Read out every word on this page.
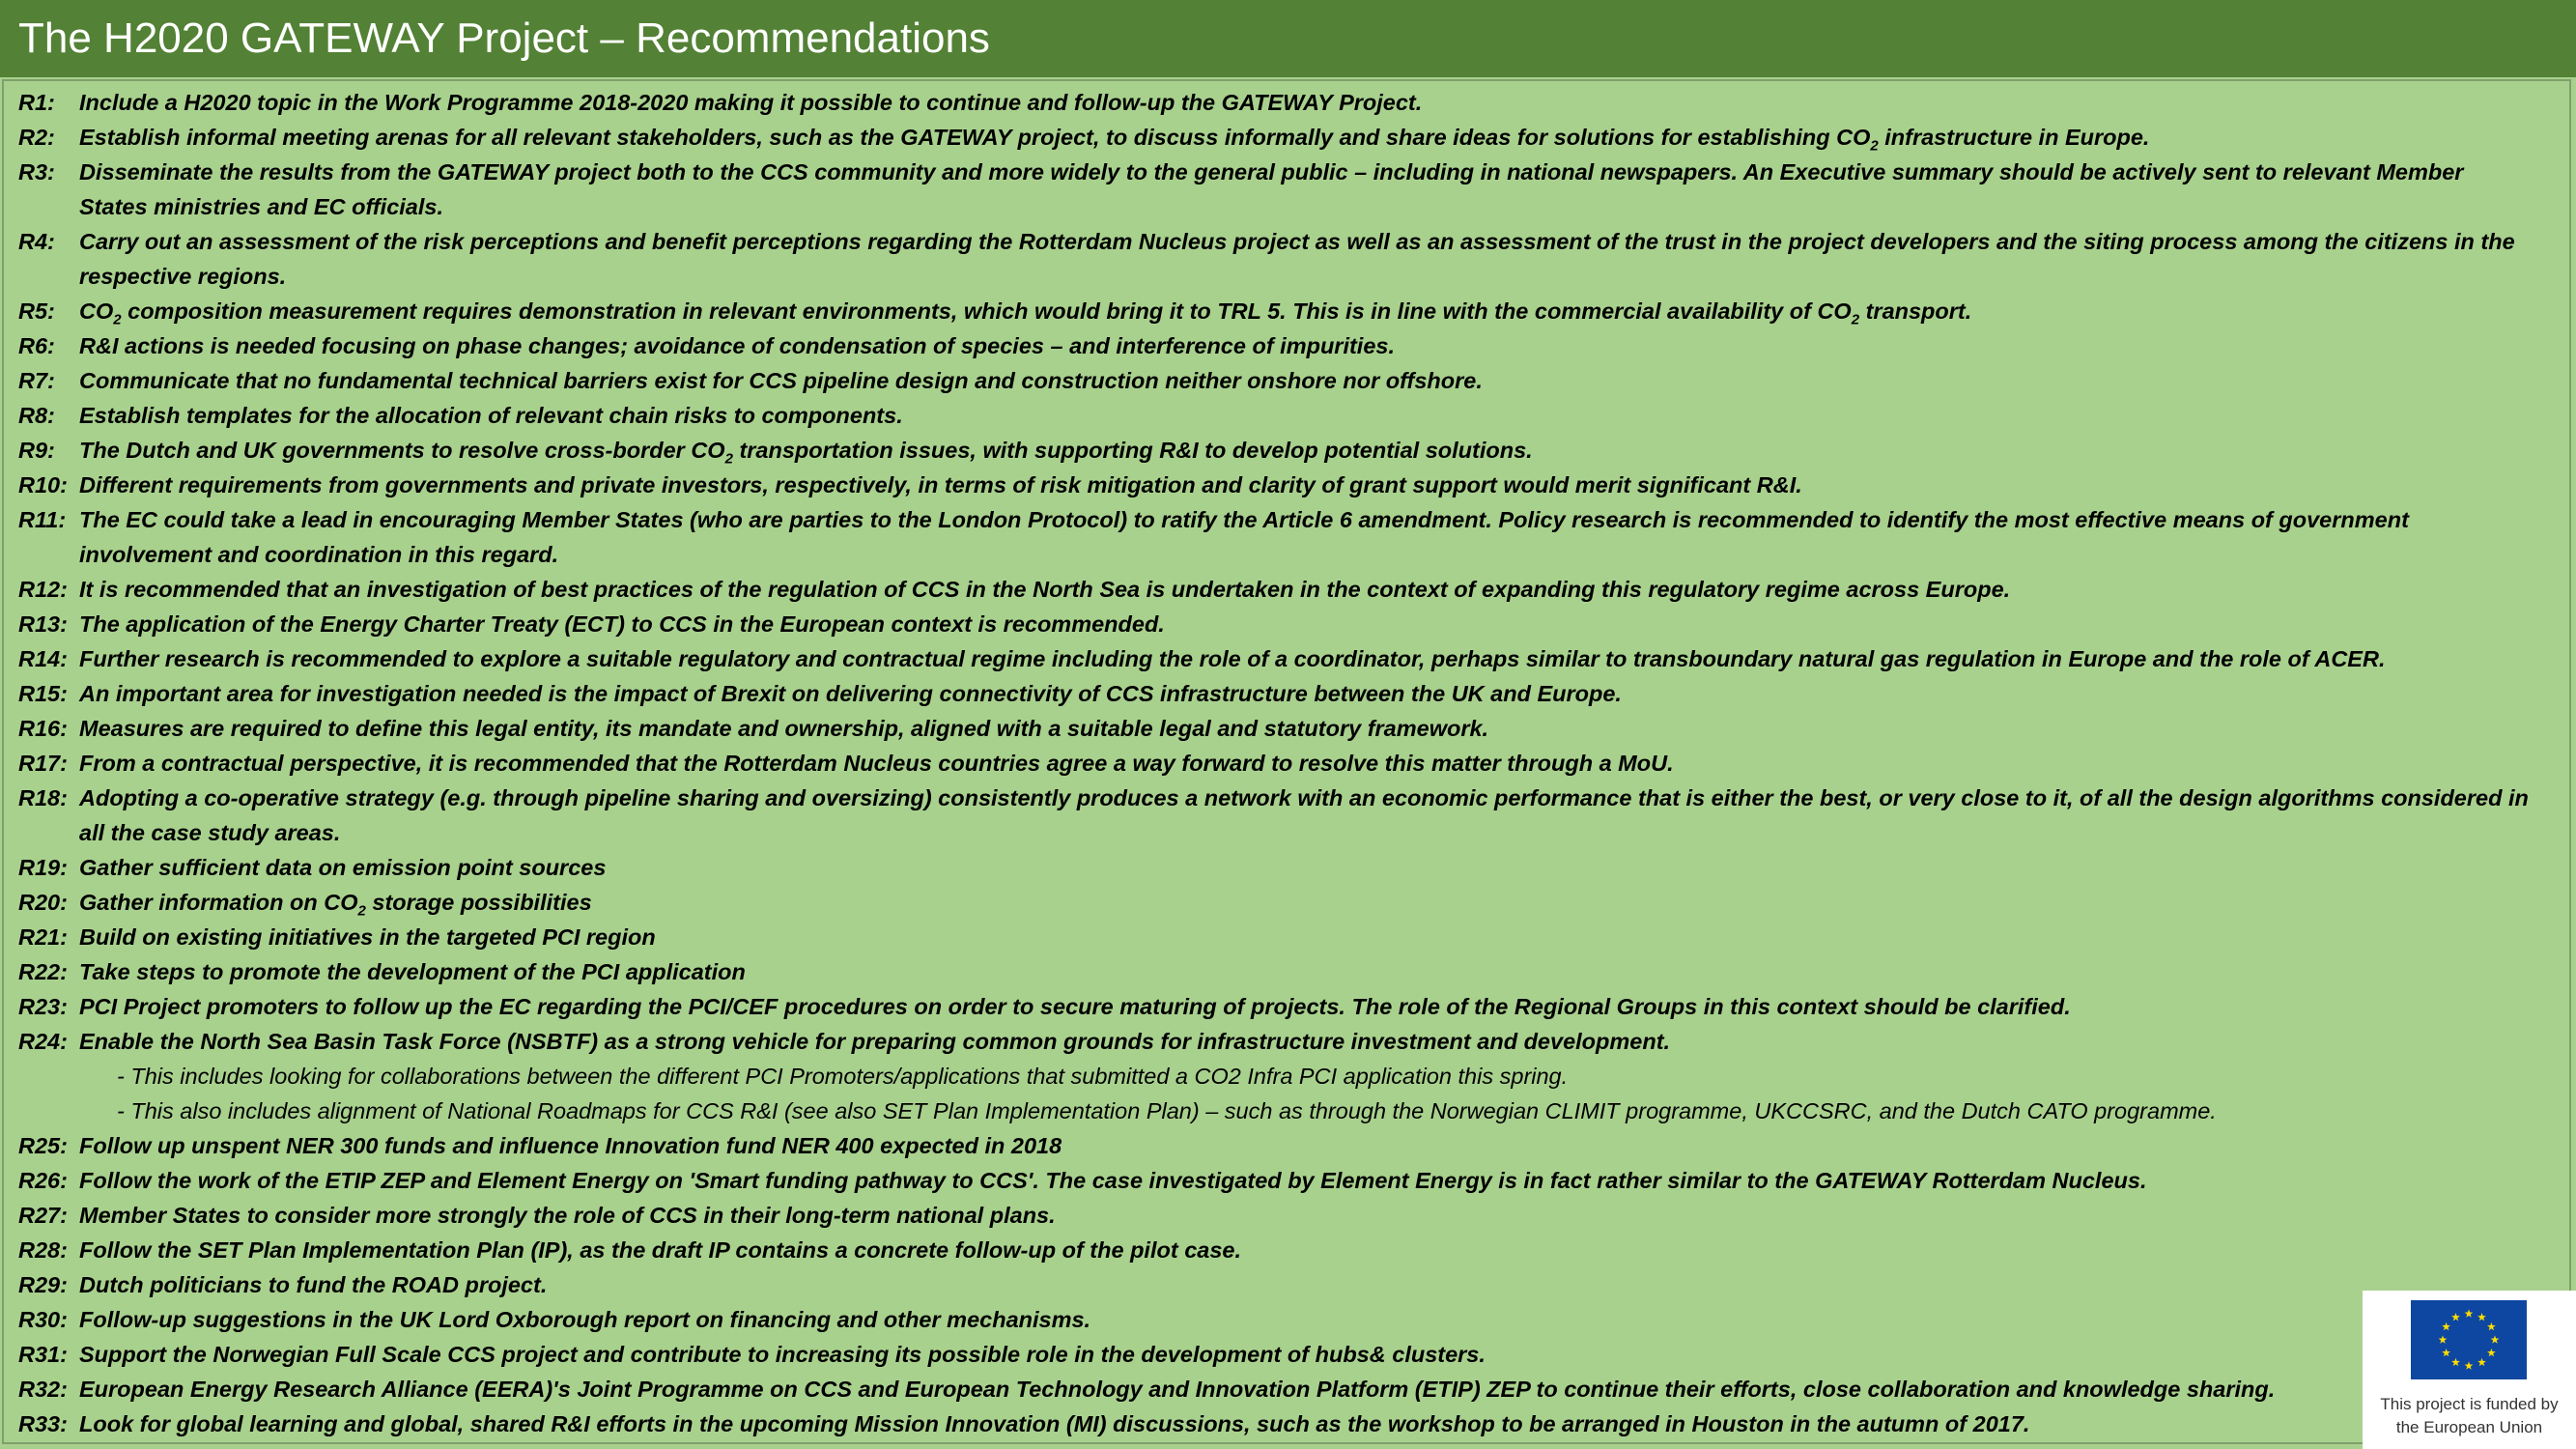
The H2020 GATEWAY Project – Recommendations
R1: Include a H2020 topic in the Work Programme 2018-2020 making it possible to continue and follow-up the GATEWAY Project.
R2: Establish informal meeting arenas for all relevant stakeholders, such as the GATEWAY project, to discuss informally and share ideas for solutions for establishing $CO_2$ infrastructure in Europe.
R3: Disseminate the results from the GATEWAY project both to the CCS community and more widely to the general public – including in national newspapers. An Executive summary should be actively sent to relevant Member States ministries and EC officials.
R4: Carry out an assessment of the risk perceptions and benefit perceptions regarding the Rotterdam Nucleus project as well as an assessment of the trust in the project developers and the siting process among the citizens in the respective regions.
R5: $CO_2$ composition measurement requires demonstration in relevant environments, which would bring it to TRL 5. This is in line with the commercial availability of $CO_2$ transport.
R6: R&I actions is needed focusing on phase changes; avoidance of condensation of species – and interference of impurities.
R7: Communicate that no fundamental technical barriers exist for CCS pipeline design and construction neither onshore nor offshore.
R8: Establish templates for the allocation of relevant chain risks to components.
R9: The Dutch and UK governments to resolve cross-border $CO_2$ transportation issues, with supporting R&I to develop potential solutions.
R10: Different requirements from governments and private investors, respectively, in terms of risk mitigation and clarity of grant support would merit significant R&I.
R11: The EC could take a lead in encouraging Member States (who are parties to the London Protocol) to ratify the Article 6 amendment. Policy research is recommended to identify the most effective means of government involvement and coordination in this regard.
R12: It is recommended that an investigation of best practices of the regulation of CCS in the North Sea is undertaken in the context of expanding this regulatory regime across Europe.
R13: The application of the Energy Charter Treaty (ECT) to CCS in the European context is recommended.
R14: Further research is recommended to explore a suitable regulatory and contractual regime including the role of a coordinator, perhaps similar to transboundary natural gas regulation in Europe and the role of ACER.
R15: An important area for investigation needed is the impact of Brexit on delivering connectivity of CCS infrastructure between the UK and Europe.
R16: Measures are required to define this legal entity, its mandate and ownership, aligned with a suitable legal and statutory framework.
R17: From a contractual perspective, it is recommended that the Rotterdam Nucleus countries agree a way forward to resolve this matter through a MoU.
R18: Adopting a co-operative strategy (e.g. through pipeline sharing and oversizing) consistently produces a network with an economic performance that is either the best, or very close to it, of all the design algorithms considered in all the case study areas.
R19: Gather sufficient data on emission point sources
R20: Gather information on $CO_2$ storage possibilities
R21: Build on existing initiatives in the targeted PCI region
R22: Take steps to promote the development of the PCI application
R23: PCI Project promoters to follow up the EC regarding the PCI/CEF procedures on order to secure maturing of projects. The role of the Regional Groups in this context should be clarified.
R24: Enable the North Sea Basin Task Force (NSBTF) as a strong vehicle for preparing common grounds for infrastructure investment and development.
- This includes looking for collaborations between the different PCI Promoters/applications that submitted a CO2 Infra PCI application this spring.
- This also includes alignment of National Roadmaps for CCS R&I (see also SET Plan Implementation Plan) – such as through the Norwegian CLIMIT programme, UKCCSRC, and the Dutch CATO programme.
R25: Follow up unspent NER 300 funds and influence Innovation fund NER 400 expected in 2018
R26: Follow the work of the ETIP ZEP and Element Energy on 'Smart funding pathway to CCS'. The case investigated by Element Energy is in fact rather similar to the GATEWAY Rotterdam Nucleus.
R27: Member States to consider more strongly the role of CCS in their long-term national plans.
R28: Follow the SET Plan Implementation Plan (IP), as the draft IP contains a concrete follow-up of the pilot case.
R29: Dutch politicians to fund the ROAD project.
R30: Follow-up suggestions in the UK Lord Oxborough report on financing and other mechanisms.
R31: Support the Norwegian Full Scale CCS project and contribute to increasing its possible role in the development of hubs& clusters.
R32: European Energy Research Alliance (EERA)'s Joint Programme on CCS and European Technology and Innovation Platform (ETIP) ZEP to continue their efforts, close collaboration and knowledge sharing.
R33: Look for global learning and global, shared R&I efforts in the upcoming Mission Innovation (MI) discussions, such as the workshop to be arranged in Houston in the autumn of 2017.
This project is funded by
the European Union
